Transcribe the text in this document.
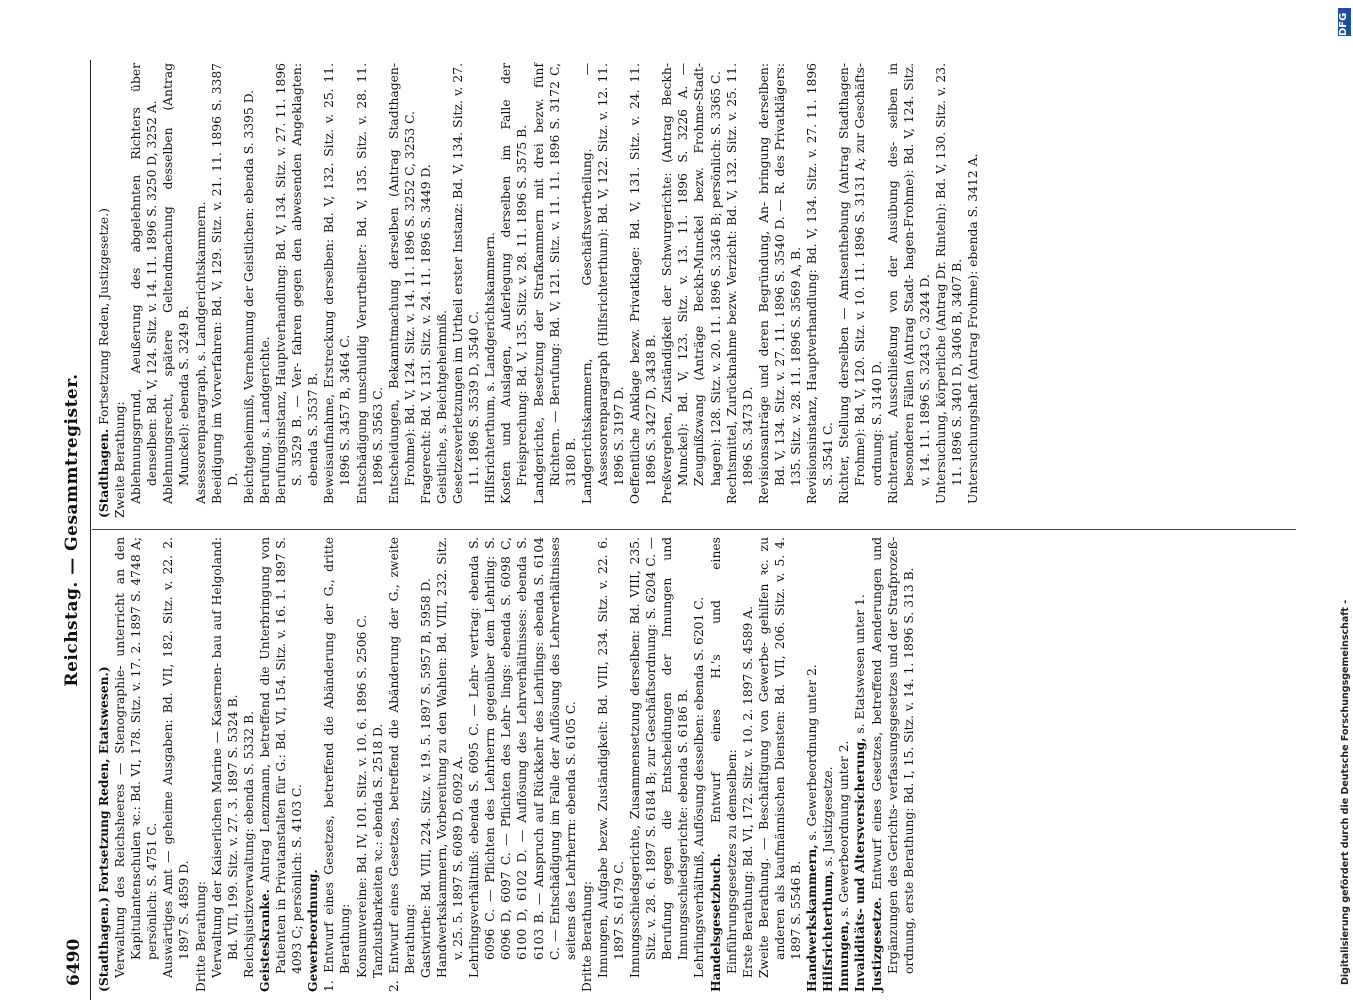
6490
Reichstag. — Gesammtregister.

(Stadthagen.) Fortsetzung Reden, Etatswesen.) Verwaltung des Reichsheeres — Stenographie- unterricht an den Kapitulantenschulen ꝛc.: Bd. VI, 178. Sitz. v. 17. 2. 1897 S. 4748 A; persönlich: S. 4751 C. Auswärtiges Amt — geheime Ausgaben: Bd. VII, 182. Sitz. v. 22. 2. 1897 S. 4859 D. Dritte Berathung: Verwaltung der Kaiserlichen Marine — Kasernen- bau auf Helgoland: Bd. VII, 199. Sitz. v. 27. 3. 1897 S. 5324 B. Reichsjustizverwaltung: ebenda S. 5332 B. Geisteskranke. Antrag Lenzmann, betreffend die Unterbringung von Patienten in Privatanstalten für G.: Bd. VI, 154. Sitz. v. 16. 1. 1897 S. 4093 C; persönlich: S. 4103 C. Gewerbeordnung. 1. Entwurf eines Gesetzes, betreffend die Abänderung der G., dritte Berathung: Konsumvereine: Bd. IV, 101. Sitz. v. 10. 6. 1896 S. 2506 C. Tanzlustbarkeiten ꝛc.: ebenda S. 2518 D. 2. Entwurf eines Gesetzes, betreffend die Abänderung der G., zweite Berathung: Gastwirthe: Bd. VIII, 224. Sitz. v. 19. 5. 1897 S. 5957 B, 5958 D. Handwerkskammern, Vorbereitung zu den Wahlen: Bd. VIII, 232. Sitz. v. 25. 5. 1897 S. 6089 D, 6092 A. Lehrlingsverhältniß: ebenda S. 6095 C. — Lehr- vertrag: ebenda S. 6096 C. — Pflichten des Lehrherrn gegenüber dem Lehrling: S. 6096 D, 6097 C. — Pflichten des Lehr- lings: ebenda S. 6098 C, 6100 D, 6102 D. — Auflösung des Lehrverhältnisses: ebenda S. 6103 B. — Anspruch auf Rückkehr des Lehrlings: ebenda S. 6104 C. — Entschädigung im Falle der Auflösung des Lehrverhältnisses seitens des Lehrherrn: ebenda S. 6105 C. Dritte Berathung: Innungen, Aufgabe bezw. Zuständigkeit: Bd. VIII, 234. Sitz. v. 22. 6. 1897 S. 6179 C. Innungsschiedsgerichte, Zusammensetzung derselben: Bd. VIII, 235. Sitz. v. 28. 6. 1897 S. 6184 B; zur Geschäftsordnung: S. 6204 C. — Berufung gegen die Entscheidungen der Innungen und Innungsschiedsgerichte: ebenda S. 6186 B. Lehrlingsverhältniß, Auflösung desselben: ebenda S. 6201 C. Handelsgesetzbuch. Entwurf eines H.'s und eines Einführungsgesetzes zu demselben: Erste Berathung: Bd. VI, 172. Sitz. v. 10. 2. 1897 S. 4589 A. Zweite Berathung. — Beschäftigung von Gewerbe- gehilfen ꝛc. zu anderen als kaufmännischen Diensten: Bd. VII, 206. Sitz. v. 5. 4. 1897 S. 5546 B. Handwerkskammern, s. Gewerbeordnung unter 2.

Hilfsrichterthum, s. Justizgesetze.

Innungen, s. Gewerbeordnung unter 2. Invaliditäts- und Altersversicherung, s. Etatswesen unter 1.

Justizgesetze. Entwurf eines Gesetzes, betreffend Aenderungen und Ergänzungen des Gerichts- verfassungsgesetzes und der Strafprozeß- ordnung, erste Berathung: Bd. I, 15. Sitz. v. 14. 1. 1896 S. 313 B.

(Stadthagen. Fortsetzung Reden, Justizgesetze.)

Zweite Berathung: Ablehnungsgrund, Aeußerung des abgelehnten Richters über denselben: Bd. V, 124. Sitz. v. 14. 11. 1896 S. 3250 D, 3252 A. Ablehnungsrecht, spätere Geltendmachung desselben (Antrag Munckel): ebenda S. 3249 B. Assessorenparagraph, s. Landgerichtskammern. Beeidigung im Vorverfahren: Bd. V, 129. Sitz. v. 21. 11. 1896 S. 3387 D. Beichtgeheimniß, Vernehmung der Geistlichen: ebenda S. 3395 D. Berufung, s. Landgerichte. Berufungsinstanz, Hauptverhandlung: Bd. V, 134. Sitz. v. 27. 11. 1896 S. 3529 B. — Ver- fahren gegen den abwesenden Angeklagten: ebenda S. 3537 B. Beweisaufnahme, Erstreckung derselben: Bd. V, 132. Sitz. v. 25. 11. 1896 S. 3457 B, 3464 C. Entschädigung unschuldig Verurtheilter: Bd. V, 135. Sitz. v. 28. 11. 1896 S. 3563 C. Entscheidungen, Bekanntmachung derselben (Antrag Stadthagen-Frohme): Bd. V, 124. Sitz. v. 14. 11. 1896 S. 3252 C, 3253 C. Fragerecht: Bd. V, 131. Sitz. v. 24. 11. 1896 S. 3449 D. Geistliche, s. Beichtgeheimniß. Gesetzesverletzungen im Urtheil erster Instanz: Bd. V, 134. Sitz. v. 27. 11. 1896 S. 3539 D, 3540 C. Hilfsrichterthum, s. Landgerichtskammern. Kosten und Auslagen, Auferlegung derselben im Falle der Freisprechung: Bd. V, 135. Sitz. v. 28. 11. 1896 S. 3575 B. Landgerichte, Besetzung der Strafkammern mit drei bezw. fünf Richtern. — Berufung: Bd. V, 121. Sitz. v. 11. 11. 1896 S. 3172 C, 3180 B. Landgerichtskammern, Geschäftsvertheilung. — Assessorenparagraph (Hilfsrichterthum): Bd. V, 122. Sitz. v. 12. 11. 1896 S. 3197 D. Oeffentliche Anklage bezw. Privatklage: Bd. V, 131. Sitz. v. 24. 11. 1896 S. 3427 D, 3438 B. Preßvergehen, Zuständigkeit der Schwurgerichte: (Antrag Beckh-Munckel): Bd. V, 123. Sitz. v. 13. 11. 1896 S. 3226 A. — Zeugnißzwang (Anträge Beckh-Munckel bezw. Frohme-Stadt- hagen): 128. Sitz. v. 20. 11. 1896 S. 3346 B; persönlich: S. 3365 C. Rechtsmittel, Zurücknahme bezw. Verzicht: Bd. V, 132. Sitz. v. 25. 11. 1896 S. 3473 D. Revisionsanträge und deren Begründung, An- bringung derselben: Bd. V, 134. Sitz. v. 27. 11. 1896 S. 3540 D. — R. des Privatklägers: 135. Sitz. v. 28. 11. 1896 S. 3569 A, B. Revisionsinstanz, Hauptverhandlung: Bd. V, 134. Sitz. v. 27. 11. 1896 S. 3541 C. Richter, Stellung derselben — Amtsenthebung (Antrag Stadthagen-Frohme): Bd. V, 120. Sitz. v. 10. 11. 1896 S. 3131 A; zur Geschäfts- ordnung: S. 3140 D. Richteramt, Ausschließung von der Ausübung des- selben in besonderen Fällen (Antrag Stadt- hagen-Frohme): Bd. V, 124. Sitz. v. 14. 11. 1896 S. 3243 C, 3244 D. Untersuchung, körperliche (Antrag Dr. Rinteln): Bd. V, 130. Sitz. v. 23. 11. 1896 S. 3401 D, 3406 B, 3407 B. Untersuchungshaft (Antrag Frohme): ebenda S. 3412 A.

DFG
Digitalisierung gefördert durch die Deutsche Forschungsgemeinschaft -
